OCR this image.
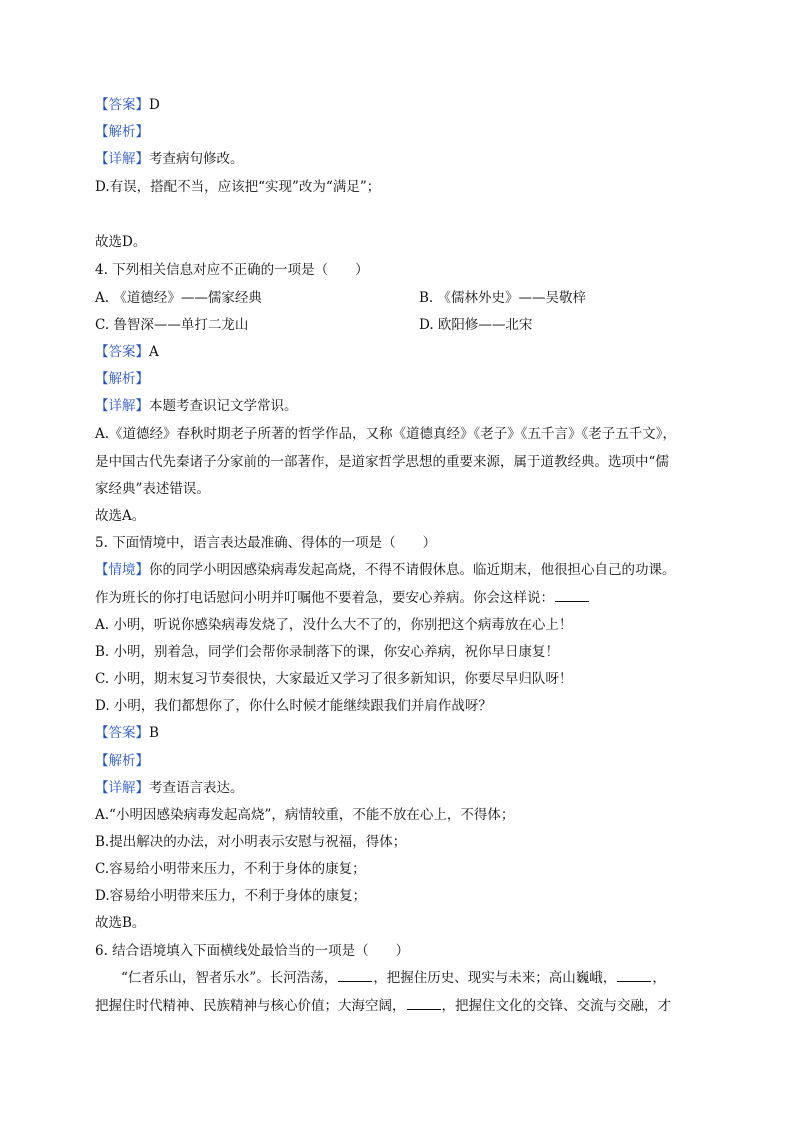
【答案】D
【解析】
【详解】考查病句修改。
D.有误，搭配不当，应该把“实现”改为“满足”；
故选D。
4. 下列相关信息对应不正确的一项是（　　）
A. 《道德经》——儒家经典	B. 《儒林外史》——吴敬梓
C. 鲁智深——单打二龙山	D. 欧阳修——北宋
【答案】A
【解析】
【详解】本题考查识记文学常识。
A.《道德经》春秋时期老子所著的哲学作品，又称《道德真经》《老子》《五千言》《老子五千文》，
是中国古代先秦诸子分家前的一部著作，是道家哲学思想的重要来源，属于道教经典。选项中“儒
家经典”表述错误。
故选A。
5. 下面情境中，语言表达最准确、得体的一项是（　　）
【情境】你的同学小明因感染病毒发起高烧，不得不请假休息。临近期末，他很担心自己的功课。
作为班长的你打电话慰问小明并叮嘱他不要着急，要安心养病。你会这样说：
A. 小明，听说你感染病毒发烧了，没什么大不了的，你别把这个病毒放在心上！
B. 小明，别着急，同学们会帮你录制落下的课，你安心养病，祝你早日康复！
C. 小明，期末复习节奏很快，大家最近又学习了很多新知识，你要尽早归队呀！
D. 小明，我们都想你了，你什么时候才能继续跟我们并肩作战呀？
【答案】B
【解析】
【详解】考查语言表达。
A.“小明因感染病毒发起高烧”，病情较重，不能不放在心上，不得体；
B.提出解决的办法，对小明表示安慰与祝福，得体；
C.容易给小明带来压力，不利于身体的康复；
D.容易给小明带来压力，不利于身体的康复；
故选B。
6. 结合语境填入下面横线处最恰当的一项是（　　）
“仁者乐山，智者乐水”。长河浩荡，	，把握住历史、现实与未来；高山巍峨，	，
把握住时代精神、民族精神与核心价值；大海空阔，	，把握住文化的交锋、交流与交融，才
